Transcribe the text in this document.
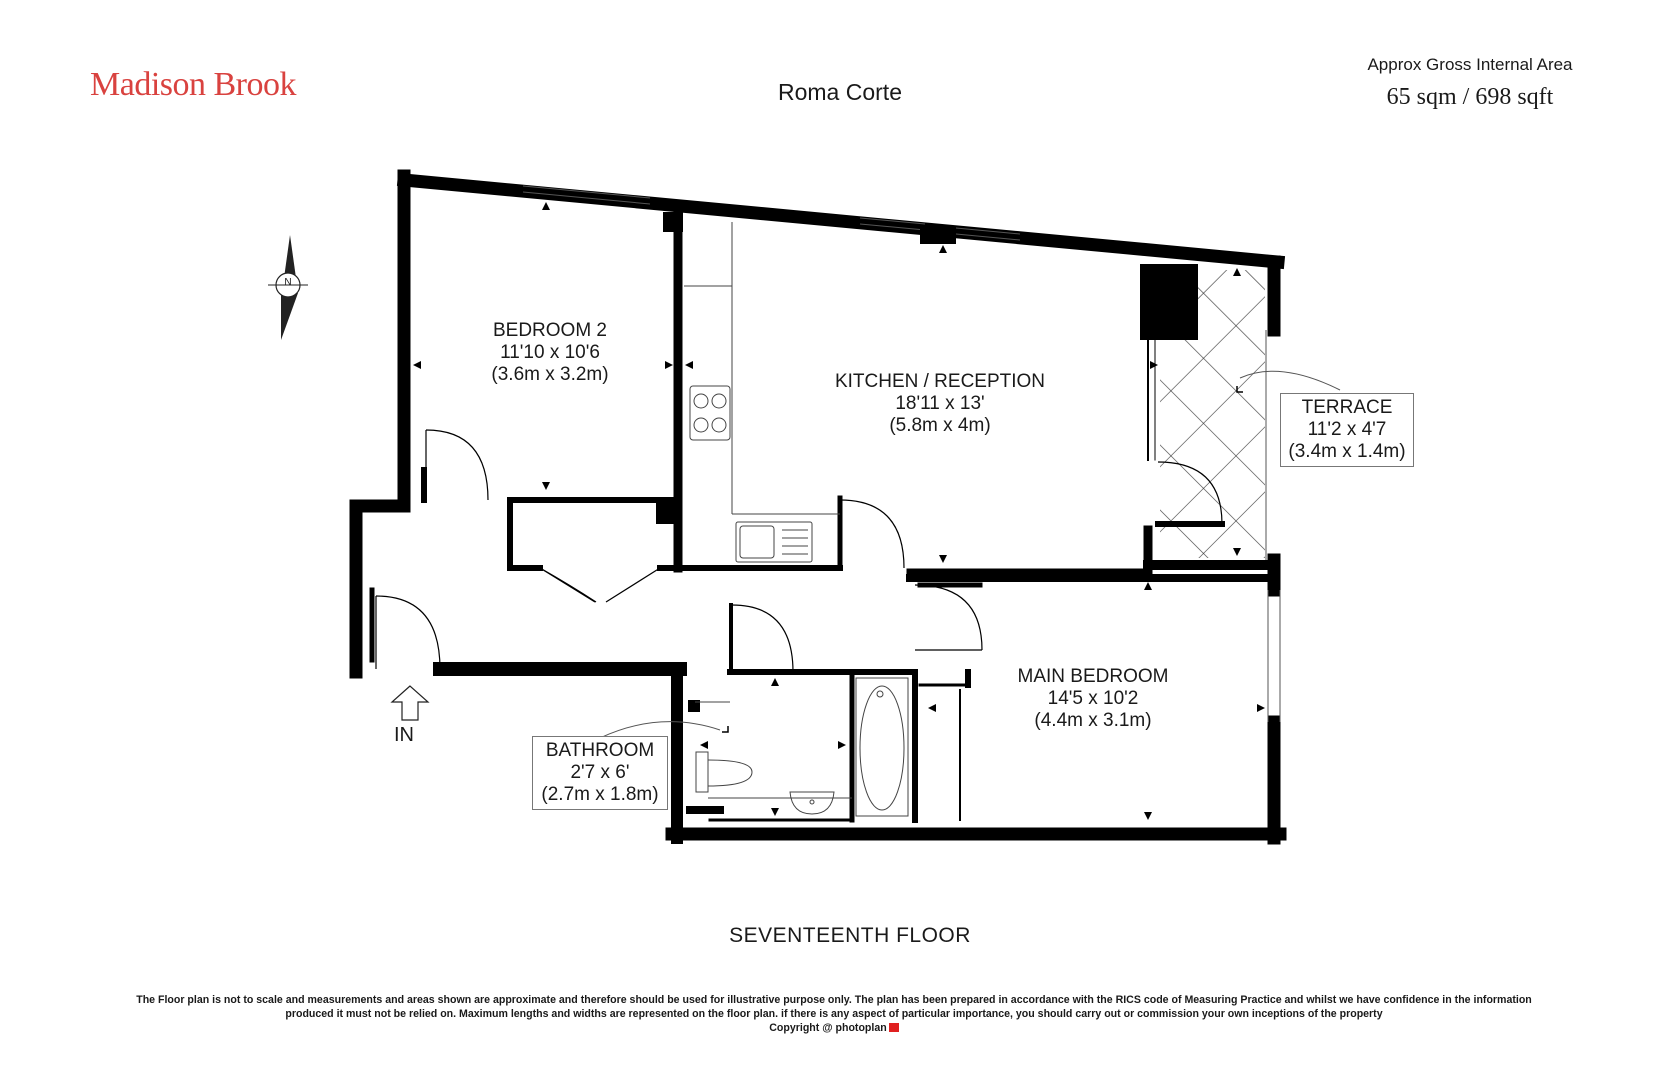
Madison Brook	Roma Corte
Approx Gross Internal Area
65 sqm / 698 sqft
N
BEDROOM 2
11'10 x 10'6
(3.6m x 3.2m)	KITCHEN / RECEPTION
18'11 x 13'
(5.8m x 4m)
TERRACE
11'2 x 4'7
(3.4m x 1.4m)
MAIN BEDROOM
14'5 x 10'2
(4.4m x 3.1m)
BATHROOM
2'7 x 6'
(2.7m x 1.8m)
IN
SEVENTEENTH FLOOR
The Floor plan is not to scale and measurements and areas shown are approximate and therefore should be used for illustrative purpose only. The plan has been prepared in accordance with the RICS code of Measuring Practice and whilst we have confidence in the information produced it must not be relied on. Maximum lengths and widths are represented on the floor plan. if there is any aspect of particular importance, you should carry out or commission your own inceptions of the property
Copyright @ photoplan
